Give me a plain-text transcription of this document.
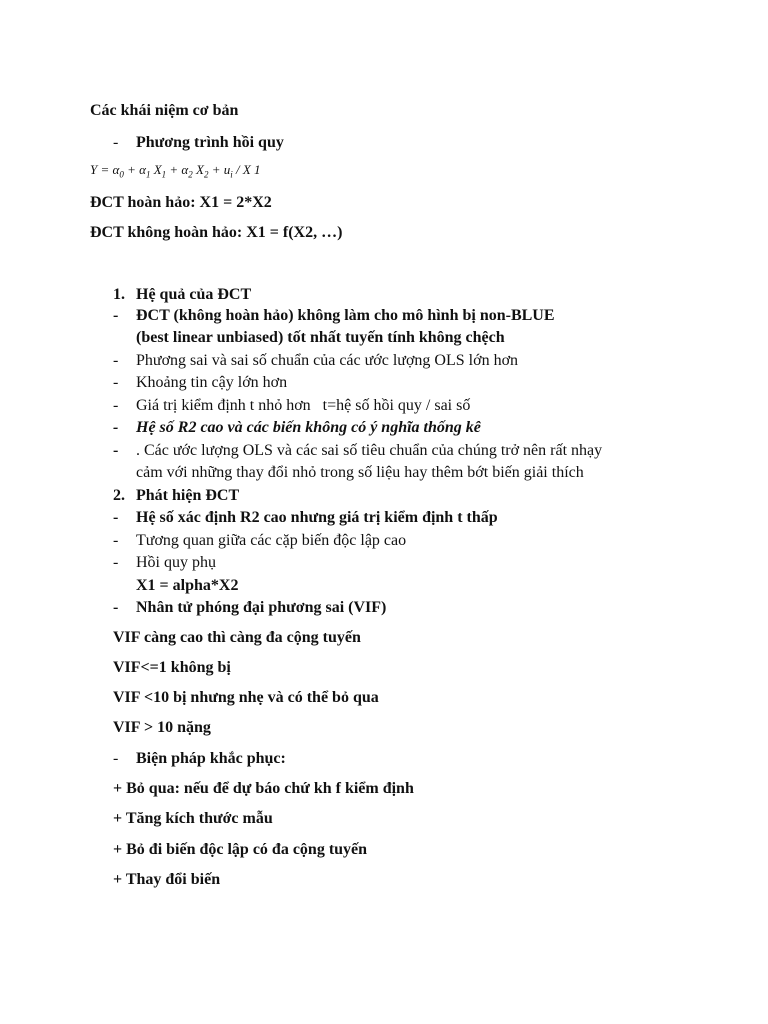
Các khái niệm cơ bản
- Phương trình hồi quy
$Y = \alpha_0 + \alpha_1$ $X_1 + \alpha_2$ $X_2 + u_i / X$ 1
ĐCT hoàn hảo: X1 = 2*X2
ĐCT không hoàn hảo: X1 = f(X2, …)
1. Hệ quả của ĐCT
- ĐCT (không hoàn hảo) không làm cho mô hình bị non-BLUE
(best linear unbiased) tốt nhất tuyến tính không chệch
- Phương sai và sai số chuẩn của các ước lượng OLS lớn hơn
- Khoảng tin cậy lớn hơn
- Giá trị kiểm định t nhỏ hơn   t=hệ số hồi quy / sai số
- Hệ số R2 cao và các biến không có ý nghĩa thống kê
- . Các ước lượng OLS và các sai số tiêu chuẩn của chúng trở nên rất nhạy
cảm với những thay đổi nhỏ trong số liệu hay thêm bớt biến giải thích
2. Phát hiện ĐCT
- Hệ số xác định R2 cao nhưng giá trị kiểm định t thấp
- Tương quan giữa các cặp biến độc lập cao
- Hồi quy phụ
X1 = alpha*X2
- Nhân tử phóng đại phương sai (VIF)
VIF càng cao thì càng đa cộng tuyến
VIF<=1 không bị
VIF <10 bị nhưng nhẹ và có thể bỏ qua
VIF > 10 nặng
- Biện pháp khắc phục:
+ Bỏ qua: nếu để dự báo chứ kh f kiểm định
+ Tăng kích thước mẫu
+ Bỏ đi biến độc lập có đa cộng tuyến
+ Thay đổi biến
